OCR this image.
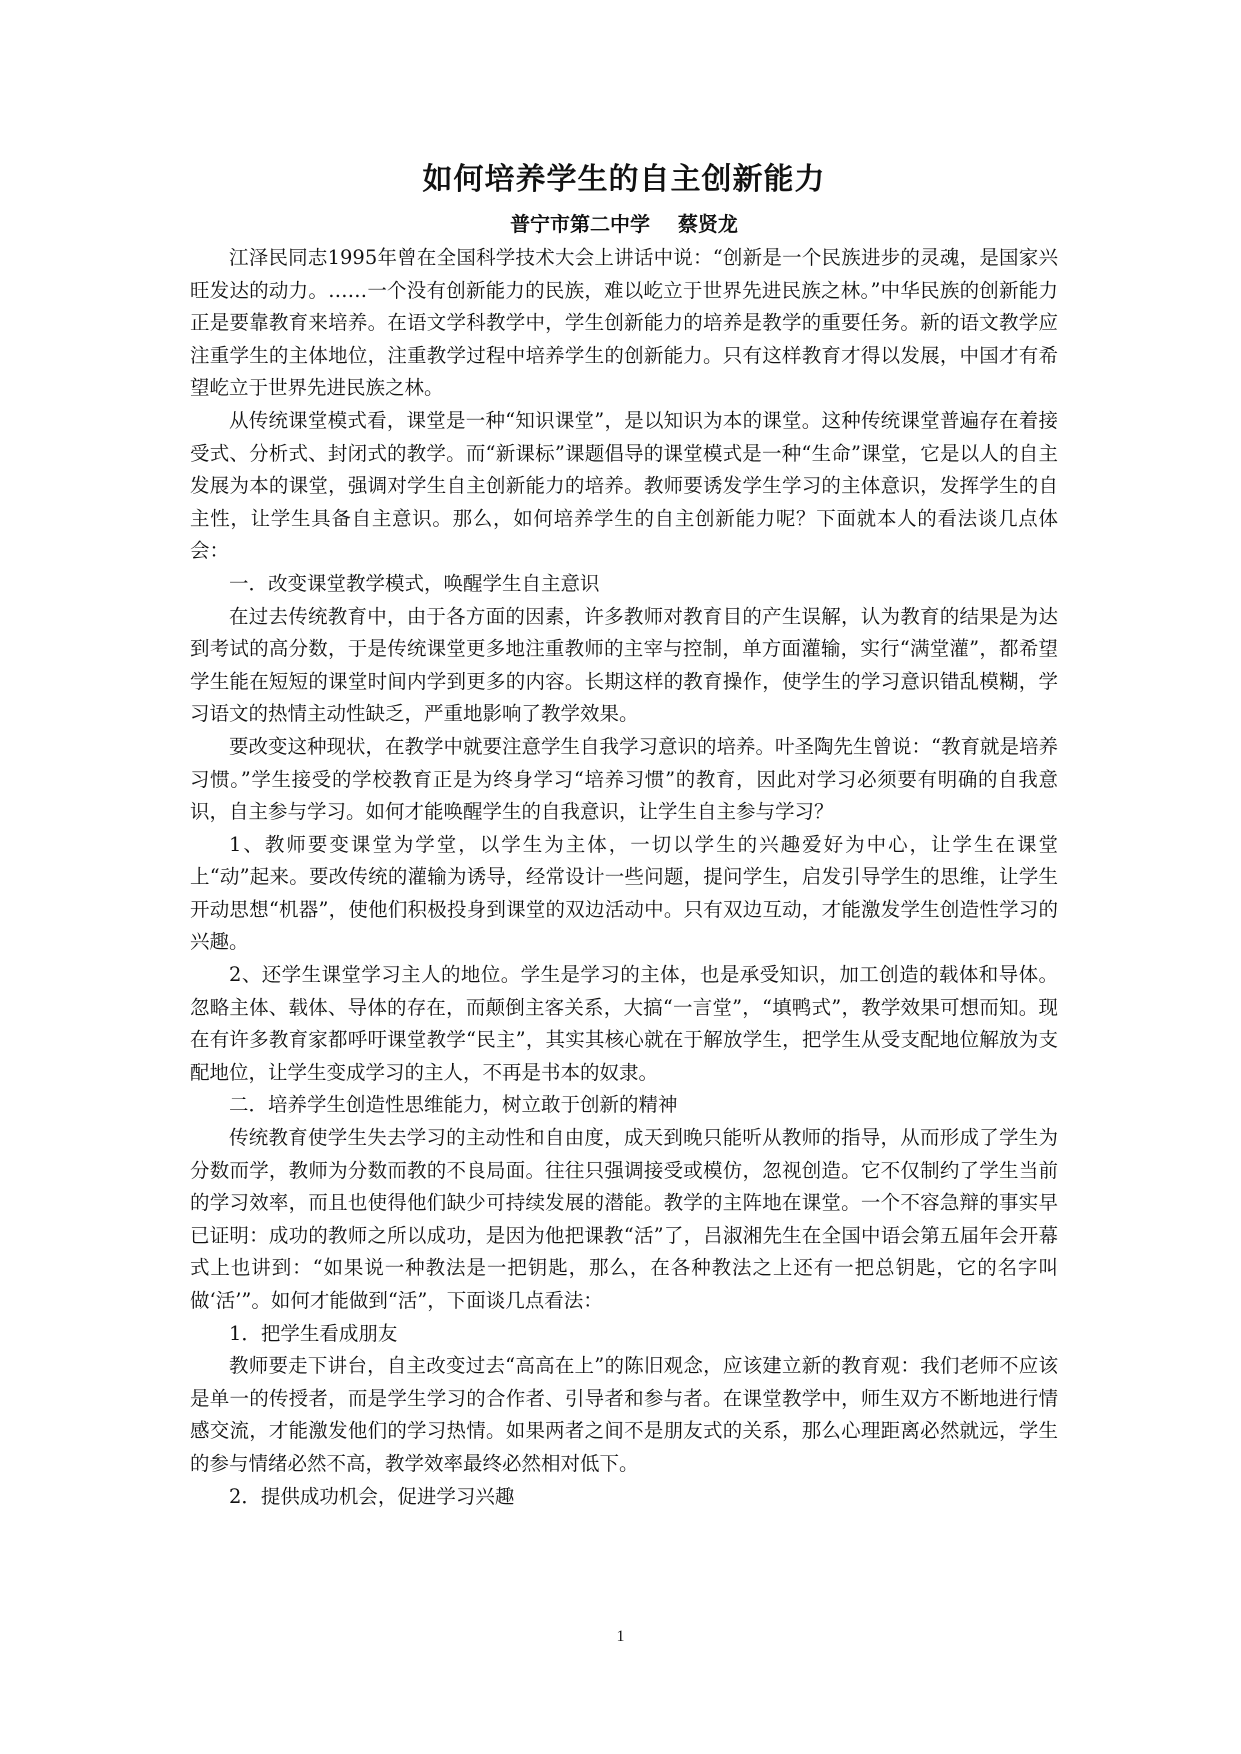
如何培养学生的自主创新能力
普宁市第二中学    蔡贤龙

江泽民同志1995年曾在全国科学技术大会上讲话中说：“创新是一个民族进步的灵魂，是国家兴旺发达的动力。……一个没有创新能力的民族，难以屹立于世界先进民族之林。”中华民族的创新能力正是要靠教育来培养。在语文学科教学中，学生创新能力的培养是教学的重要任务。新的语文教学应注重学生的主体地位，注重教学过程中培养学生的创新能力。只有这样教育才得以发展，中国才有希望屹立于世界先进民族之林。

从传统课堂模式看，课堂是一种“知识课堂”，是以知识为本的课堂。这种传统课堂普遍存在着接受式、分析式、封闭式的教学。而“新课标”课题倡导的课堂模式是一种“生命”课堂，它是以人的自主发展为本的课堂，强调对学生自主创新能力的培养。教师要诱发学生学习的主体意识，发挥学生的自主性，让学生具备自主意识。那么，如何培养学生的自主创新能力呢？下面就本人的看法谈几点体会：

一．改变课堂教学模式，唤醒学生自主意识

在过去传统教育中，由于各方面的因素，许多教师对教育目的产生误解，认为教育的结果是为达到考试的高分数，于是传统课堂更多地注重教师的主宰与控制，单方面灌输，实行“满堂灌”，都希望学生能在短短的课堂时间内学到更多的内容。长期这样的教育操作，使学生的学习意识错乱模糊，学习语文的热情主动性缺乏，严重地影响了教学效果。

要改变这种现状，在教学中就要注意学生自我学习意识的培养。叶圣陶先生曾说：“教育就是培养习惯。”学生接受的学校教育正是为终身学习“培养习惯”的教育，因此对学习必须要有明确的自我意识，自主参与学习。如何才能唤醒学生的自我意识，让学生自主参与学习？

1、教师要变课堂为学堂，以学生为主体，一切以学生的兴趣爱好为中心，让学生在课堂上“动”起来。要改传统的灌输为诱导，经常设计一些问题，提问学生，启发引导学生的思维，让学生开动思想“机器”，使他们积极投身到课堂的双边活动中。只有双边互动，才能激发学生创造性学习的兴趣。

2、还学生课堂学习主人的地位。学生是学习的主体，也是承受知识，加工创造的载体和导体。忽略主体、载体、导体的存在，而颠倒主客关系，大搞“一言堂”，“填鸭式”，教学效果可想而知。现在有许多教育家都呼吁课堂教学“民主”，其实其核心就在于解放学生，把学生从受支配地位解放为支配地位，让学生变成学习的主人，不再是书本的奴隶。

二．培养学生创造性思维能力，树立敢于创新的精神

传统教育使学生失去学习的主动性和自由度，成天到晚只能听从教师的指导，从而形成了学生为分数而学，教师为分数而教的不良局面。往往只强调接受或模仿，忽视创造。它不仅制约了学生当前的学习效率，而且也使得他们缺少可持续发展的潜能。教学的主阵地在课堂。一个不容急辩的事实早已证明：成功的教师之所以成功，是因为他把课教“活”了，吕淑湘先生在全国中语会第五届年会开幕式上也讲到：“如果说一种教法是一把钥匙，那么，在各种教法之上还有一把总钥匙，它的名字叫做‘活’”。如何才能做到“活”，下面谈几点看法：

1．把学生看成朋友

教师要走下讲台，自主改变过去“高高在上”的陈旧观念，应该建立新的教育观：我们老师不应该是单一的传授者，而是学生学习的合作者、引导者和参与者。在课堂教学中，师生双方不断地进行情感交流，才能激发他们的学习热情。如果两者之间不是朋友式的关系，那么心理距离必然就远，学生的参与情绪必然不高，教学效率最终必然相对低下。

2．提供成功机会，促进学习兴趣

1
